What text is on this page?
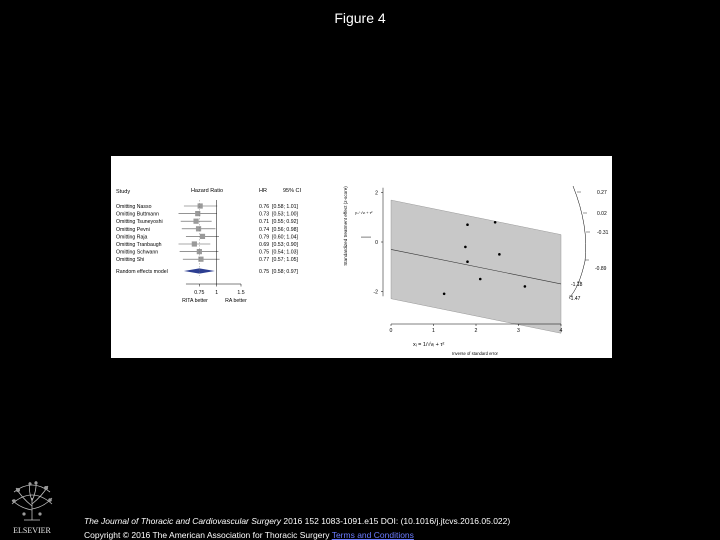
Figure 4
Study	Hazard Ratio	HR	95% CI
Omitting Nasso	0.76 [0.58; 1.01]
Omitting Buttmann	0.73 [0.53; 1.00]
Omitting Tsuneyoshi	0.71 [0.55; 0.92]
Omitting Pevni	0.74 [0.56; 0.98]
Omitting Raja	0.79 [0.60; 1.04]
Omitting Tranbaugh	0.69 [0.53; 0.90]
Omitting Schwann	0.75 [0.54; 1.03]
Omitting Shi	0.77 [0.57; 1.05]
Random effects model	0.75 [0.58; 0.97]
0.75 1	1.5
RITA better	RA better
2
0
-2
0	1	2	3	4
0.27
0.02
-0.31
-0.89
-1.18
-1.47
Standardized treatment effect (z-score)
Inverse of standard error
xᵢ = 1/√vᵢ + τ²
yᵢ / √vᵢ + τ²
ELSEVIER
The Journal of Thoracic and Cardiovascular Surgery 2016 152 1083-1091.e15 DOI: (10.1016/j.jtcvs.2016.05.022)
Copyright © 2016 The American Association for Thoracic Surgery Terms and Conditions
